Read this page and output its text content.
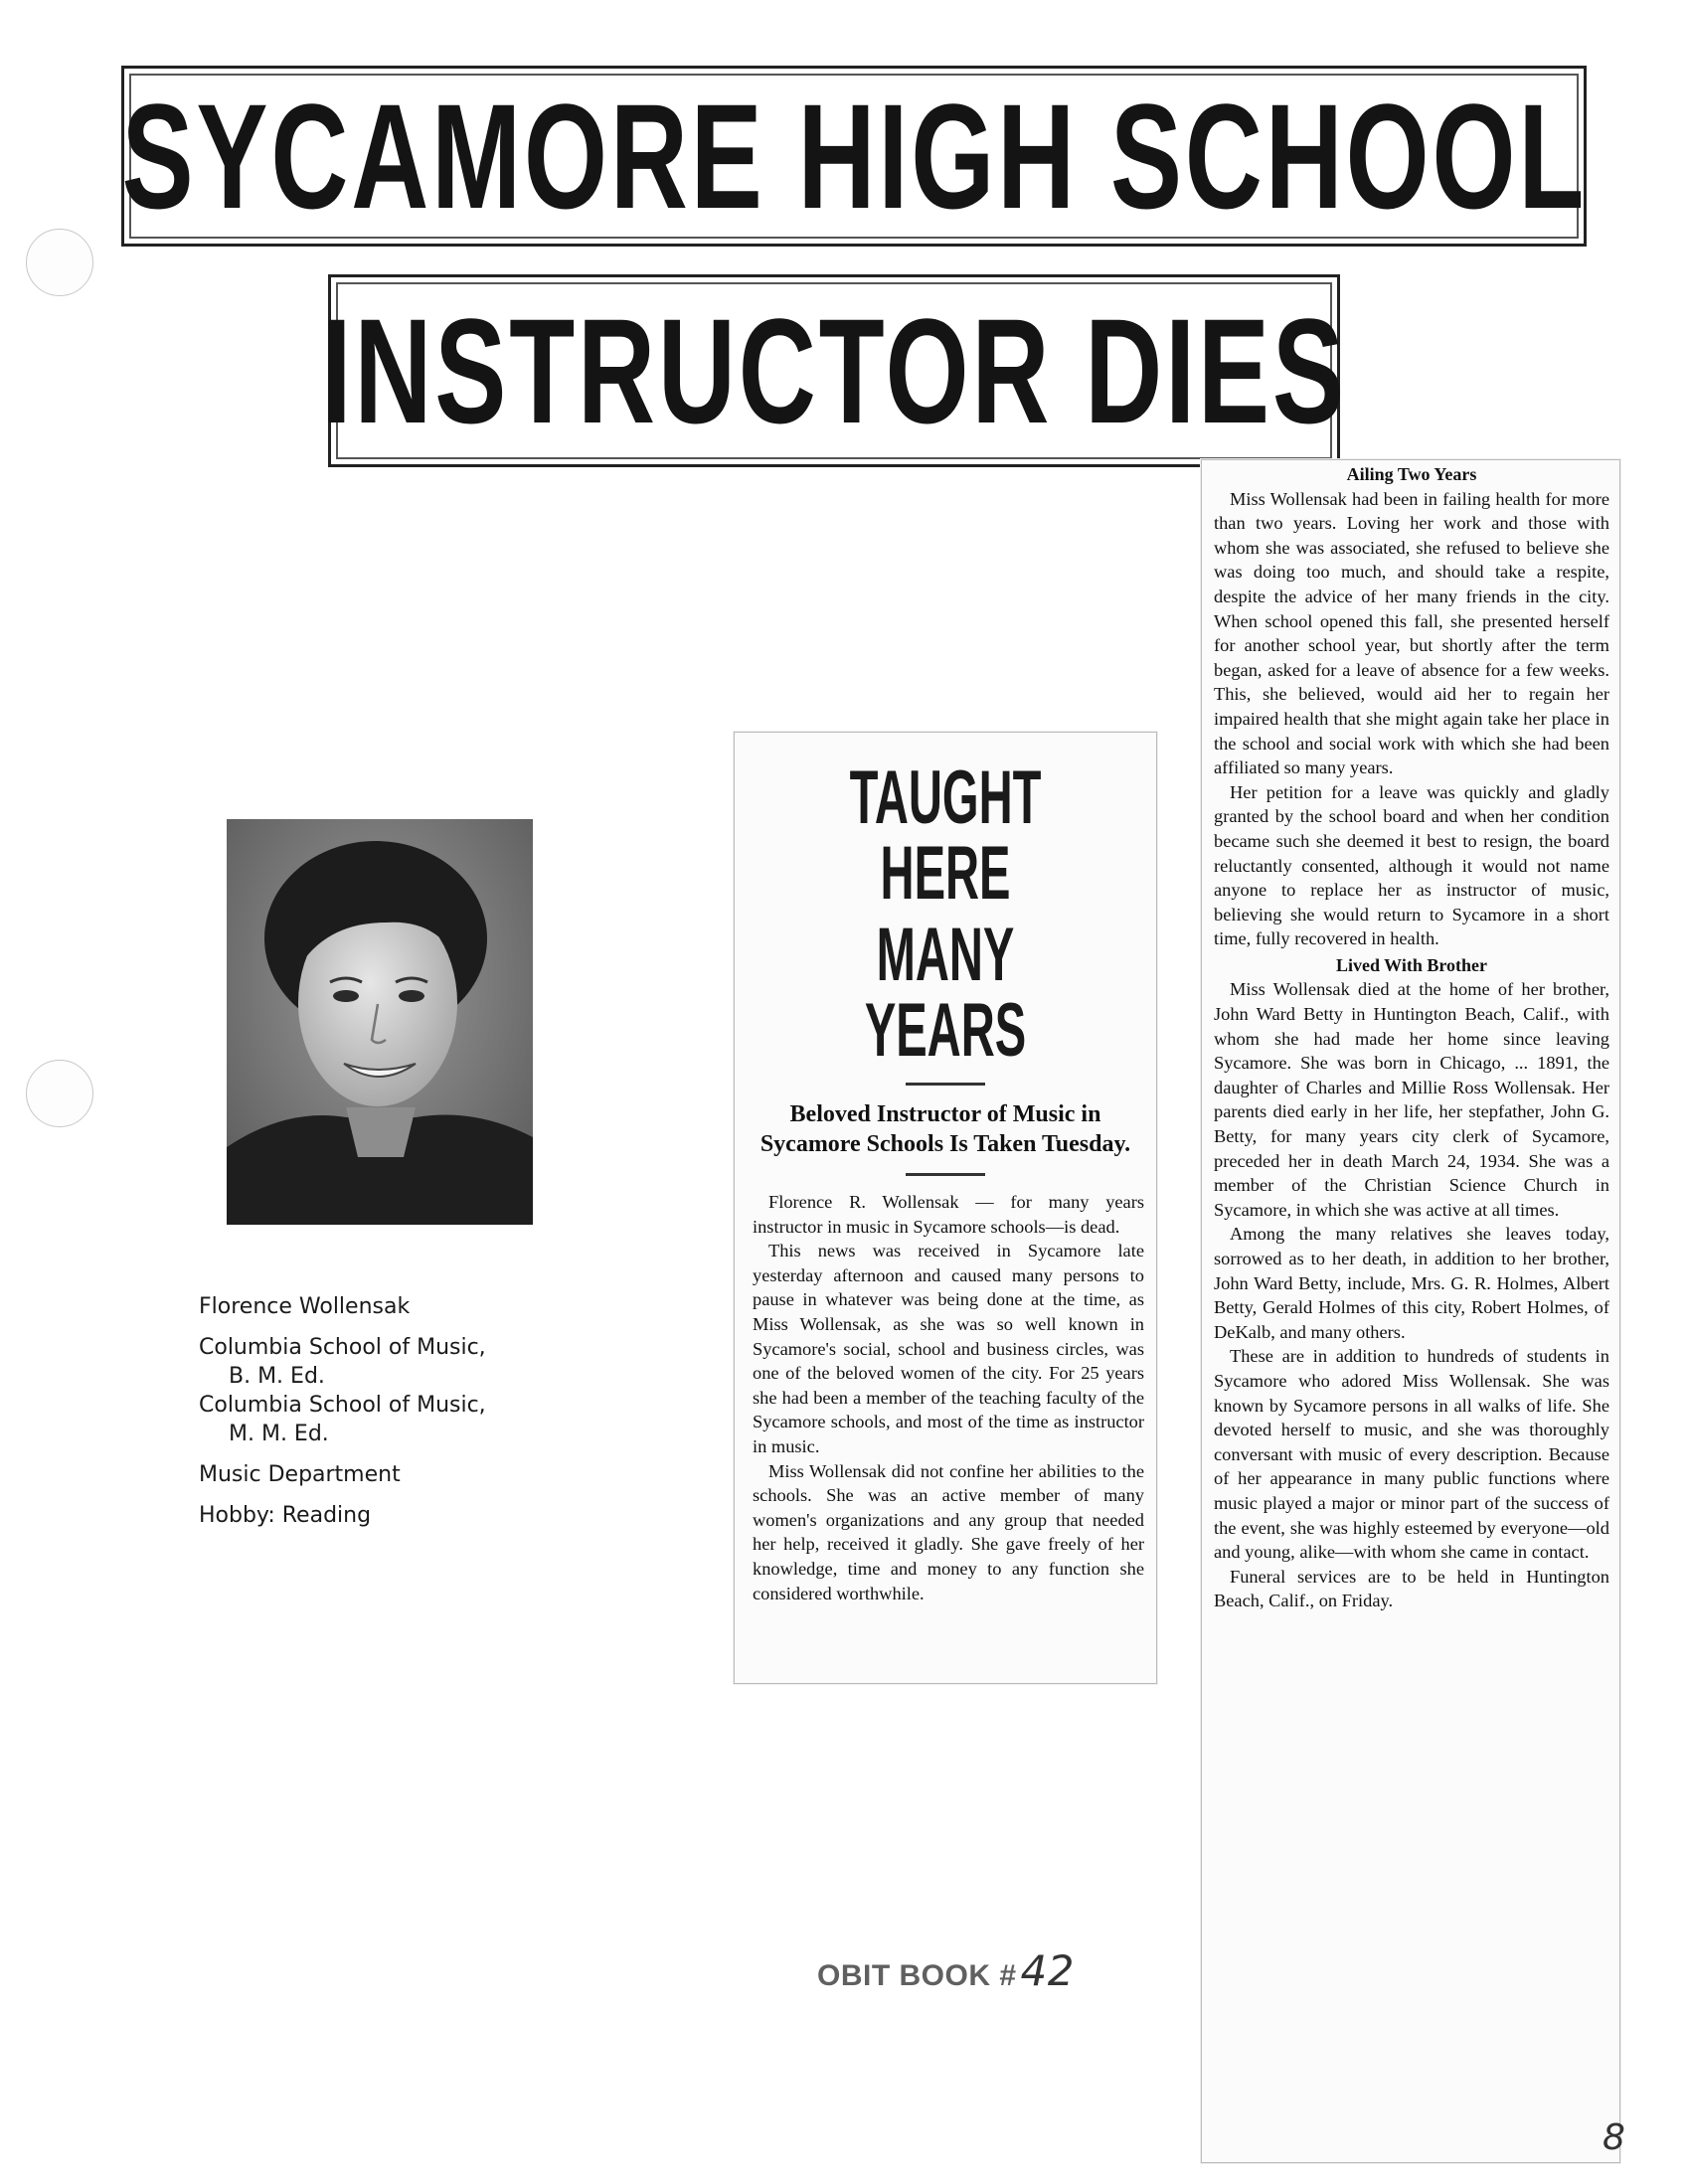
SYCAMORE HIGH SCHOOL
INSTRUCTOR DIES
Florence Wollensak
Columbia School of Music,
B. M. Ed.
Columbia School of Music,
M. M. Ed.
Music Department
Hobby: Reading
TAUGHT HERE
MANY YEARS
Beloved Instructor of Music in Sycamore Schools Is Taken Tuesday.

Florence R. Wollensak — for many years instructor in music in Sycamore schools—is dead.

This news was received in Sycamore late yesterday afternoon and caused many persons to pause in whatever was being done at the time, as Miss Wollensak, as she was so well known in Sycamore's social, school and business circles, was one of the beloved women of the city. For 25 years she had been a member of the teaching faculty of the Sycamore schools, and most of the time as instructor in music.

Miss Wollensak did not confine her abilities to the schools. She was an active member of many women's organizations and any group that needed her help, received it gladly. She gave freely of her knowledge, time and money to any function she considered worthwhile.

Ailing Two Years

Miss Wollensak had been in failing health for more than two years. Loving her work and those with whom she was associated, she refused to believe she was doing too much, and should take a respite, despite the advice of her many friends in the city. When school opened this fall, she presented herself for another school year, but shortly after the term began, asked for a leave of absence for a few weeks. This, she believed, would aid her to regain her impaired health that she might again take her place in the school and social work with which she had been affiliated so many years.

Her petition for a leave was quickly and gladly granted by the school board and when her condition became such she deemed it best to resign, the board reluctantly consented, although it would not name anyone to replace her as instructor of music, believing she would return to Sycamore in a short time, fully recovered in health.

Lived With Brother

Miss Wollensak died at the home of her brother, John Ward Betty in Huntington Beach, Calif., with whom she had made her home since leaving Sycamore. She was born in Chicago, ... 1891, the daughter of Charles and Millie Ross Wollensak. Her parents died early in her life, her stepfather, John G. Betty, for many years city clerk of Sycamore, preceded her in death March 24, 1934. She was a member of the Christian Science Church in Sycamore, in which she was active at all times.

Among the many relatives she leaves today, sorrowed as to her death, in addition to her brother, John Ward Betty, include, Mrs. G. R. Holmes, Albert Betty, Gerald Holmes of this city, Robert Holmes, of DeKalb, and many others.

These are in addition to hundreds of students in Sycamore who adored Miss Wollensak. She was known by Sycamore persons in all walks of life. She devoted herself to music, and she was thoroughly conversant with music of every description. Because of her appearance in many public functions where music played a major or minor part of the success of the event, she was highly esteemed by everyone—old and young, alike—with whom she came in contact.

Funeral services are to be held in Huntington Beach, Calif., on Friday.

OBIT BOOK #42
8
